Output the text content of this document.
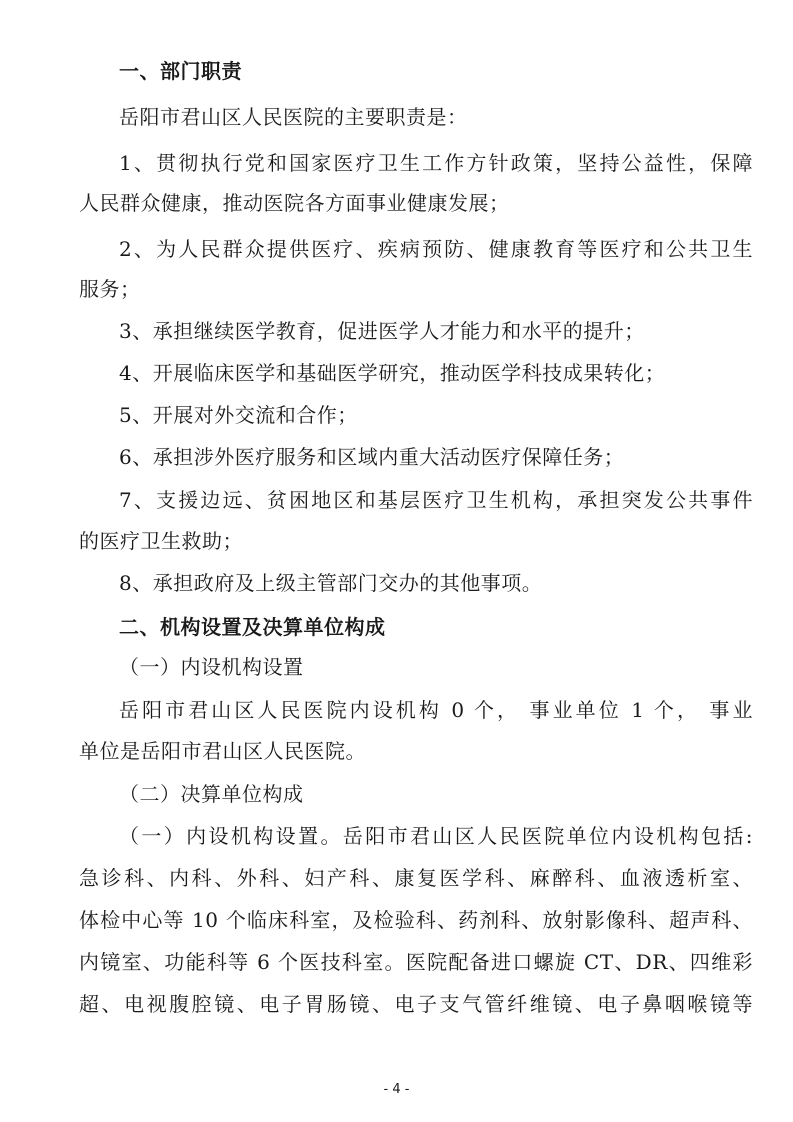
一、部门职责
岳阳市君山区人民医院的主要职责是：
1、贯彻执行党和国家医疗卫生工作方针政策，坚持公益性，保障
人民群众健康，推动医院各方面事业健康发展；
2、为人民群众提供医疗、疾病预防、健康教育等医疗和公共卫生
服务；
3、承担继续医学教育，促进医学人才能力和水平的提升；
4、开展临床医学和基础医学研究，推动医学科技成果转化；
5、开展对外交流和合作；
6、承担涉外医疗服务和区域内重大活动医疗保障任务；
7、支援边远、贫困地区和基层医疗卫生机构，承担突发公共事件
的医疗卫生救助；
8、承担政府及上级主管部门交办的其他事项。
二、机构设置及决算单位构成
（一）内设机构设置
岳阳市君山区人民医院内设机构 0 个， 事业单位 1 个， 事业
单位是岳阳市君山区人民医院。
（二）决算单位构成
（一）内设机构设置。岳阳市君山区人民医院单位内设机构包括:
急诊科、内科、外科、妇产科、康复医学科、麻醉科、血液透析室、
体检中心等 10 个临床科室，及检验科、药剂科、放射影像科、超声科、
内镜室、功能科等 6 个医技科室。医院配备进口螺旋 CT、DR、四维彩
超、电视腹腔镜、电子胃肠镜、电子支气管纤维镜、电子鼻咽喉镜等
- 4 -
